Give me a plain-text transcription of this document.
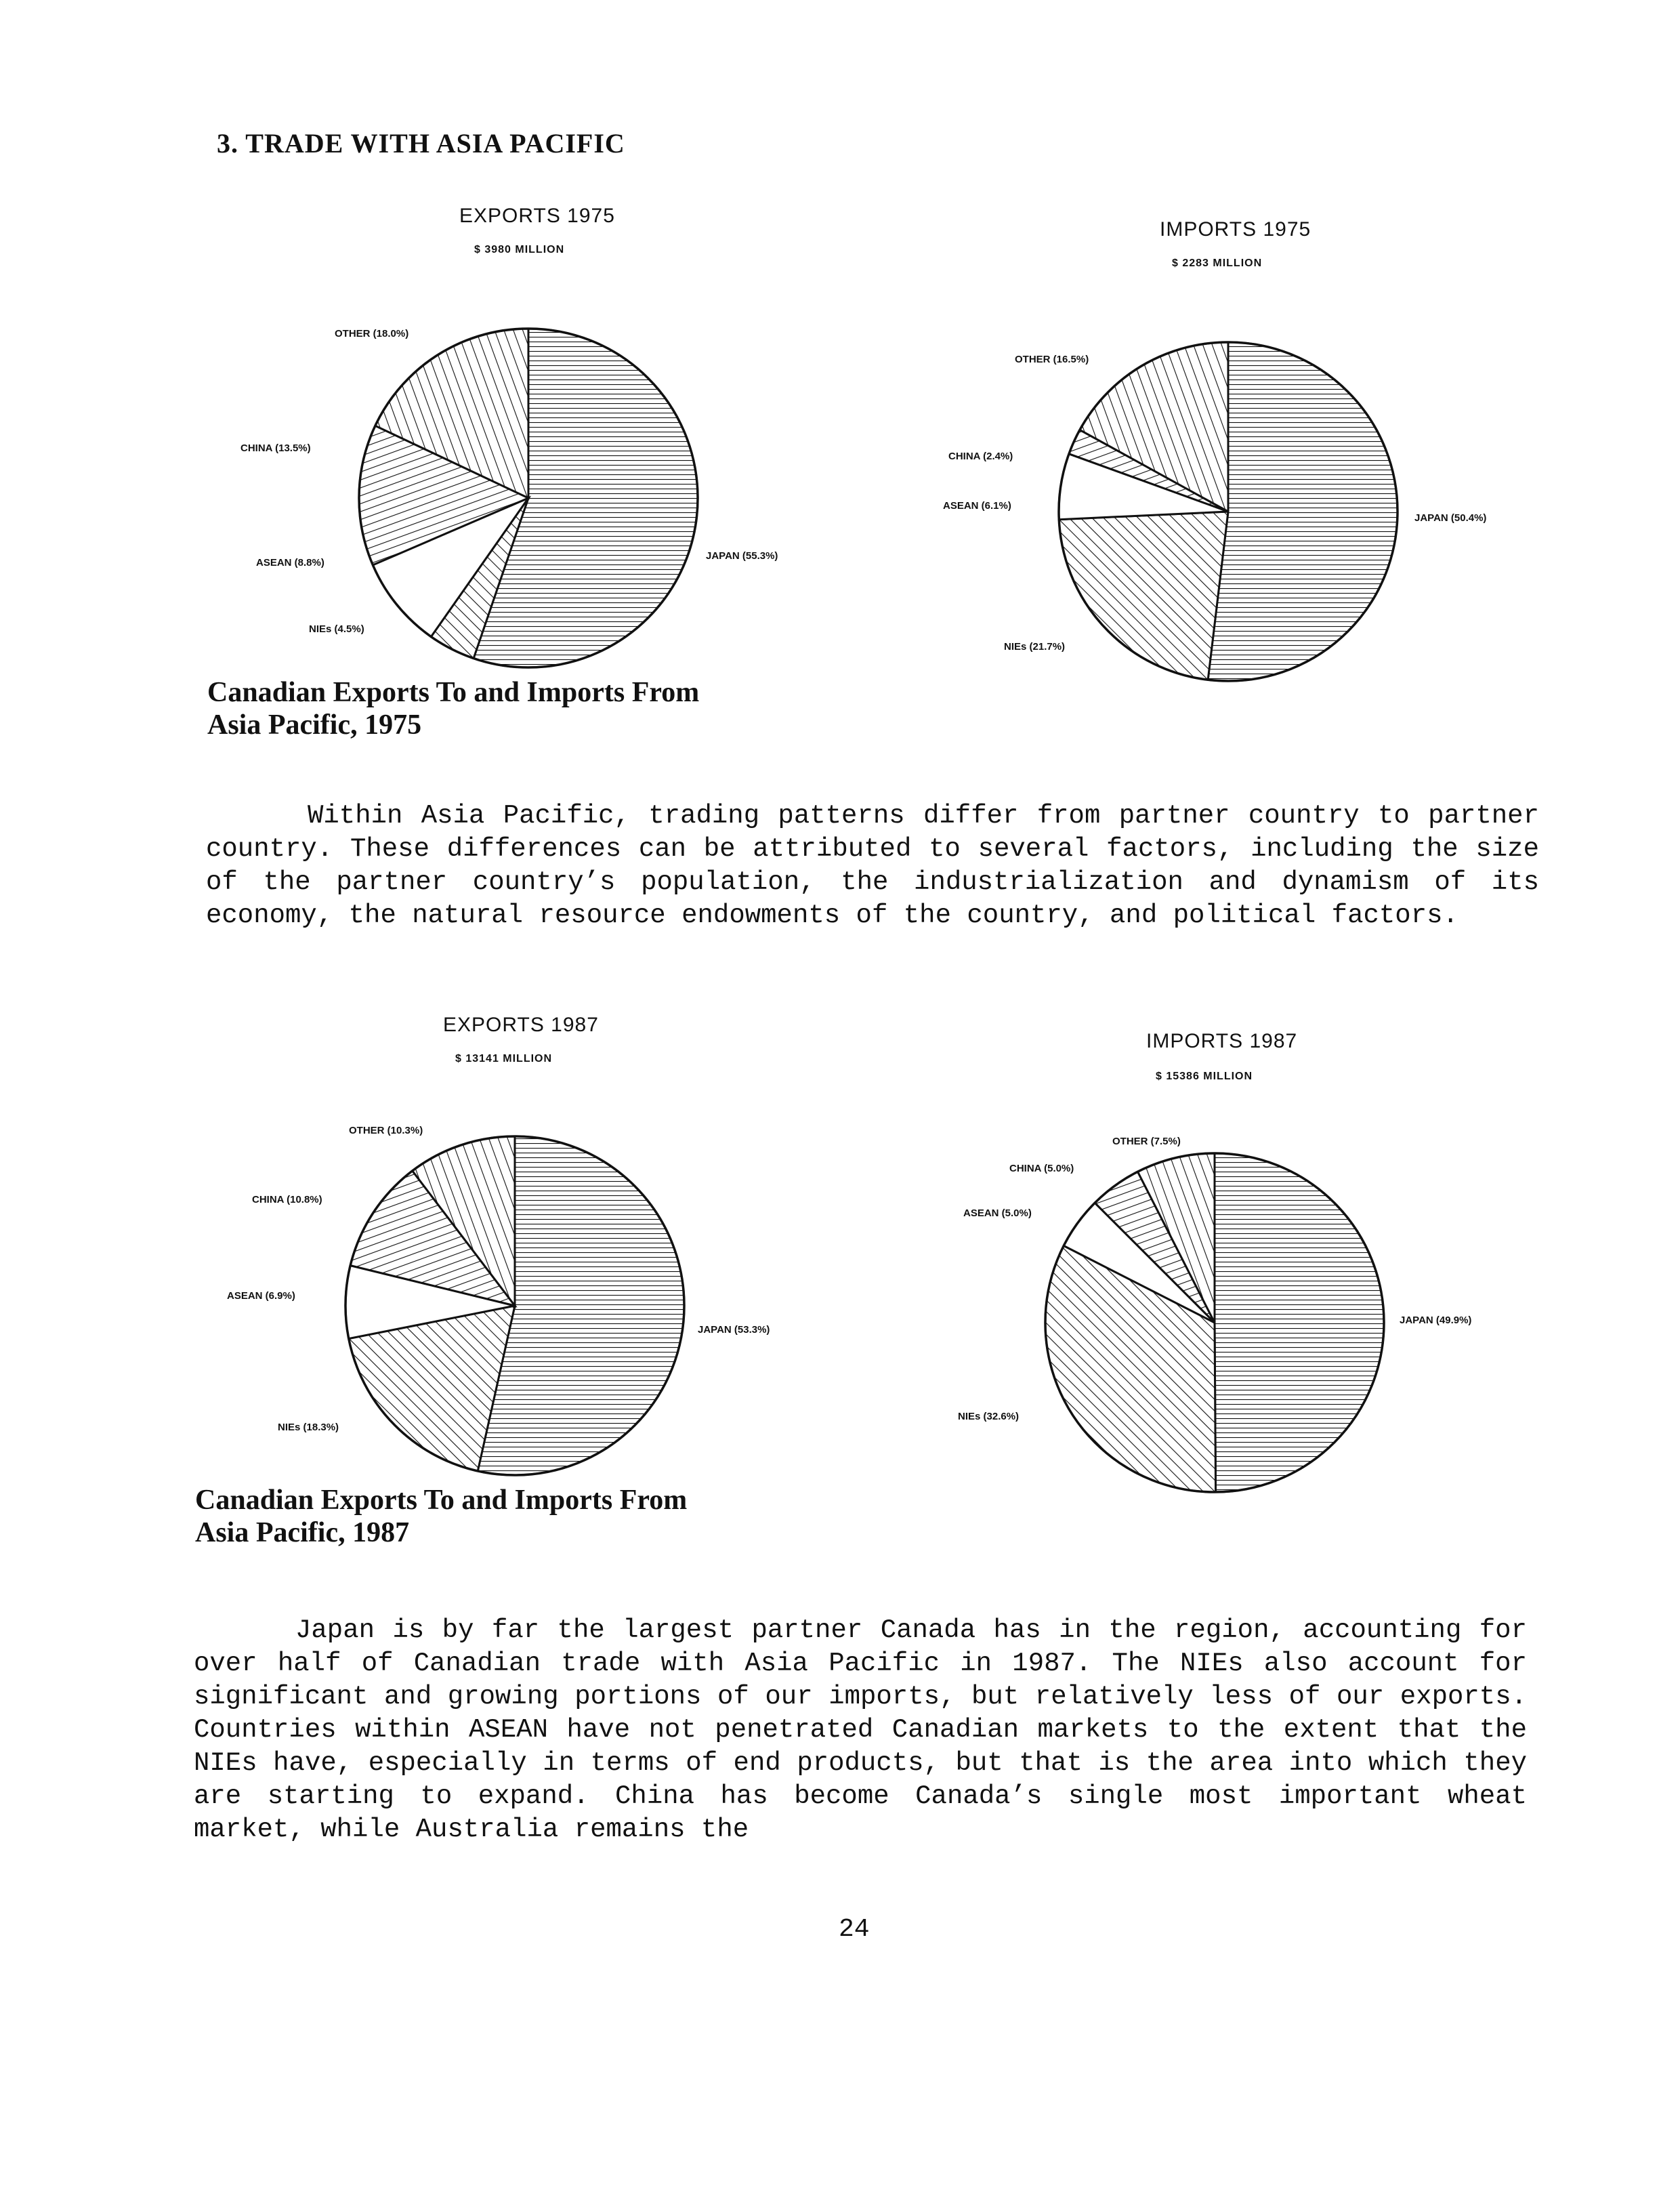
3. TRADE WITH ASIA PACIFIC
EXPORTS 1975
$ 3980 MILLION
OTHER (18.0%)
CHINA (13.5%)
ASEAN (8.8%)
NIEs (4.5%)
JAPAN (55.3%)
IMPORTS 1975
$ 2283 MILLION
OTHER (16.5%)
CHINA (2.4%)
ASEAN (6.1%)
NIEs (21.7%)
JAPAN (50.4%)
Canadian Exports To and Imports From
Asia Pacific, 1975
Within Asia Pacific, trading patterns differ from partner country to partner country. These differences can be attributed to several factors, including the size of the partner country’s population, the industrialization and dynamism of its economy, the natural resource endowments of the country, and political factors.
EXPORTS 1987
$ 13141 MILLION
OTHER (10.3%)
CHINA (10.8%)
ASEAN (6.9%)
NIEs (18.3%)
JAPAN (53.3%)
IMPORTS 1987
$ 15386 MILLION
OTHER (7.5%)
CHINA (5.0%)
ASEAN (5.0%)
NIEs (32.6%)
JAPAN (49.9%)
Canadian Exports To and Imports From
Asia Pacific, 1987
Japan is by far the largest partner Canada has in the region, accounting for over half of Canadian trade with Asia Pacific in 1987. The NIEs also account for significant and growing portions of our imports, but relatively less of our exports. Countries within ASEAN have not penetrated Canadian markets to the extent that the NIEs have, especially in terms of end products, but that is the area into which they are starting to expand. China has become Canada’s single most important wheat market, while Australia remains the
24
